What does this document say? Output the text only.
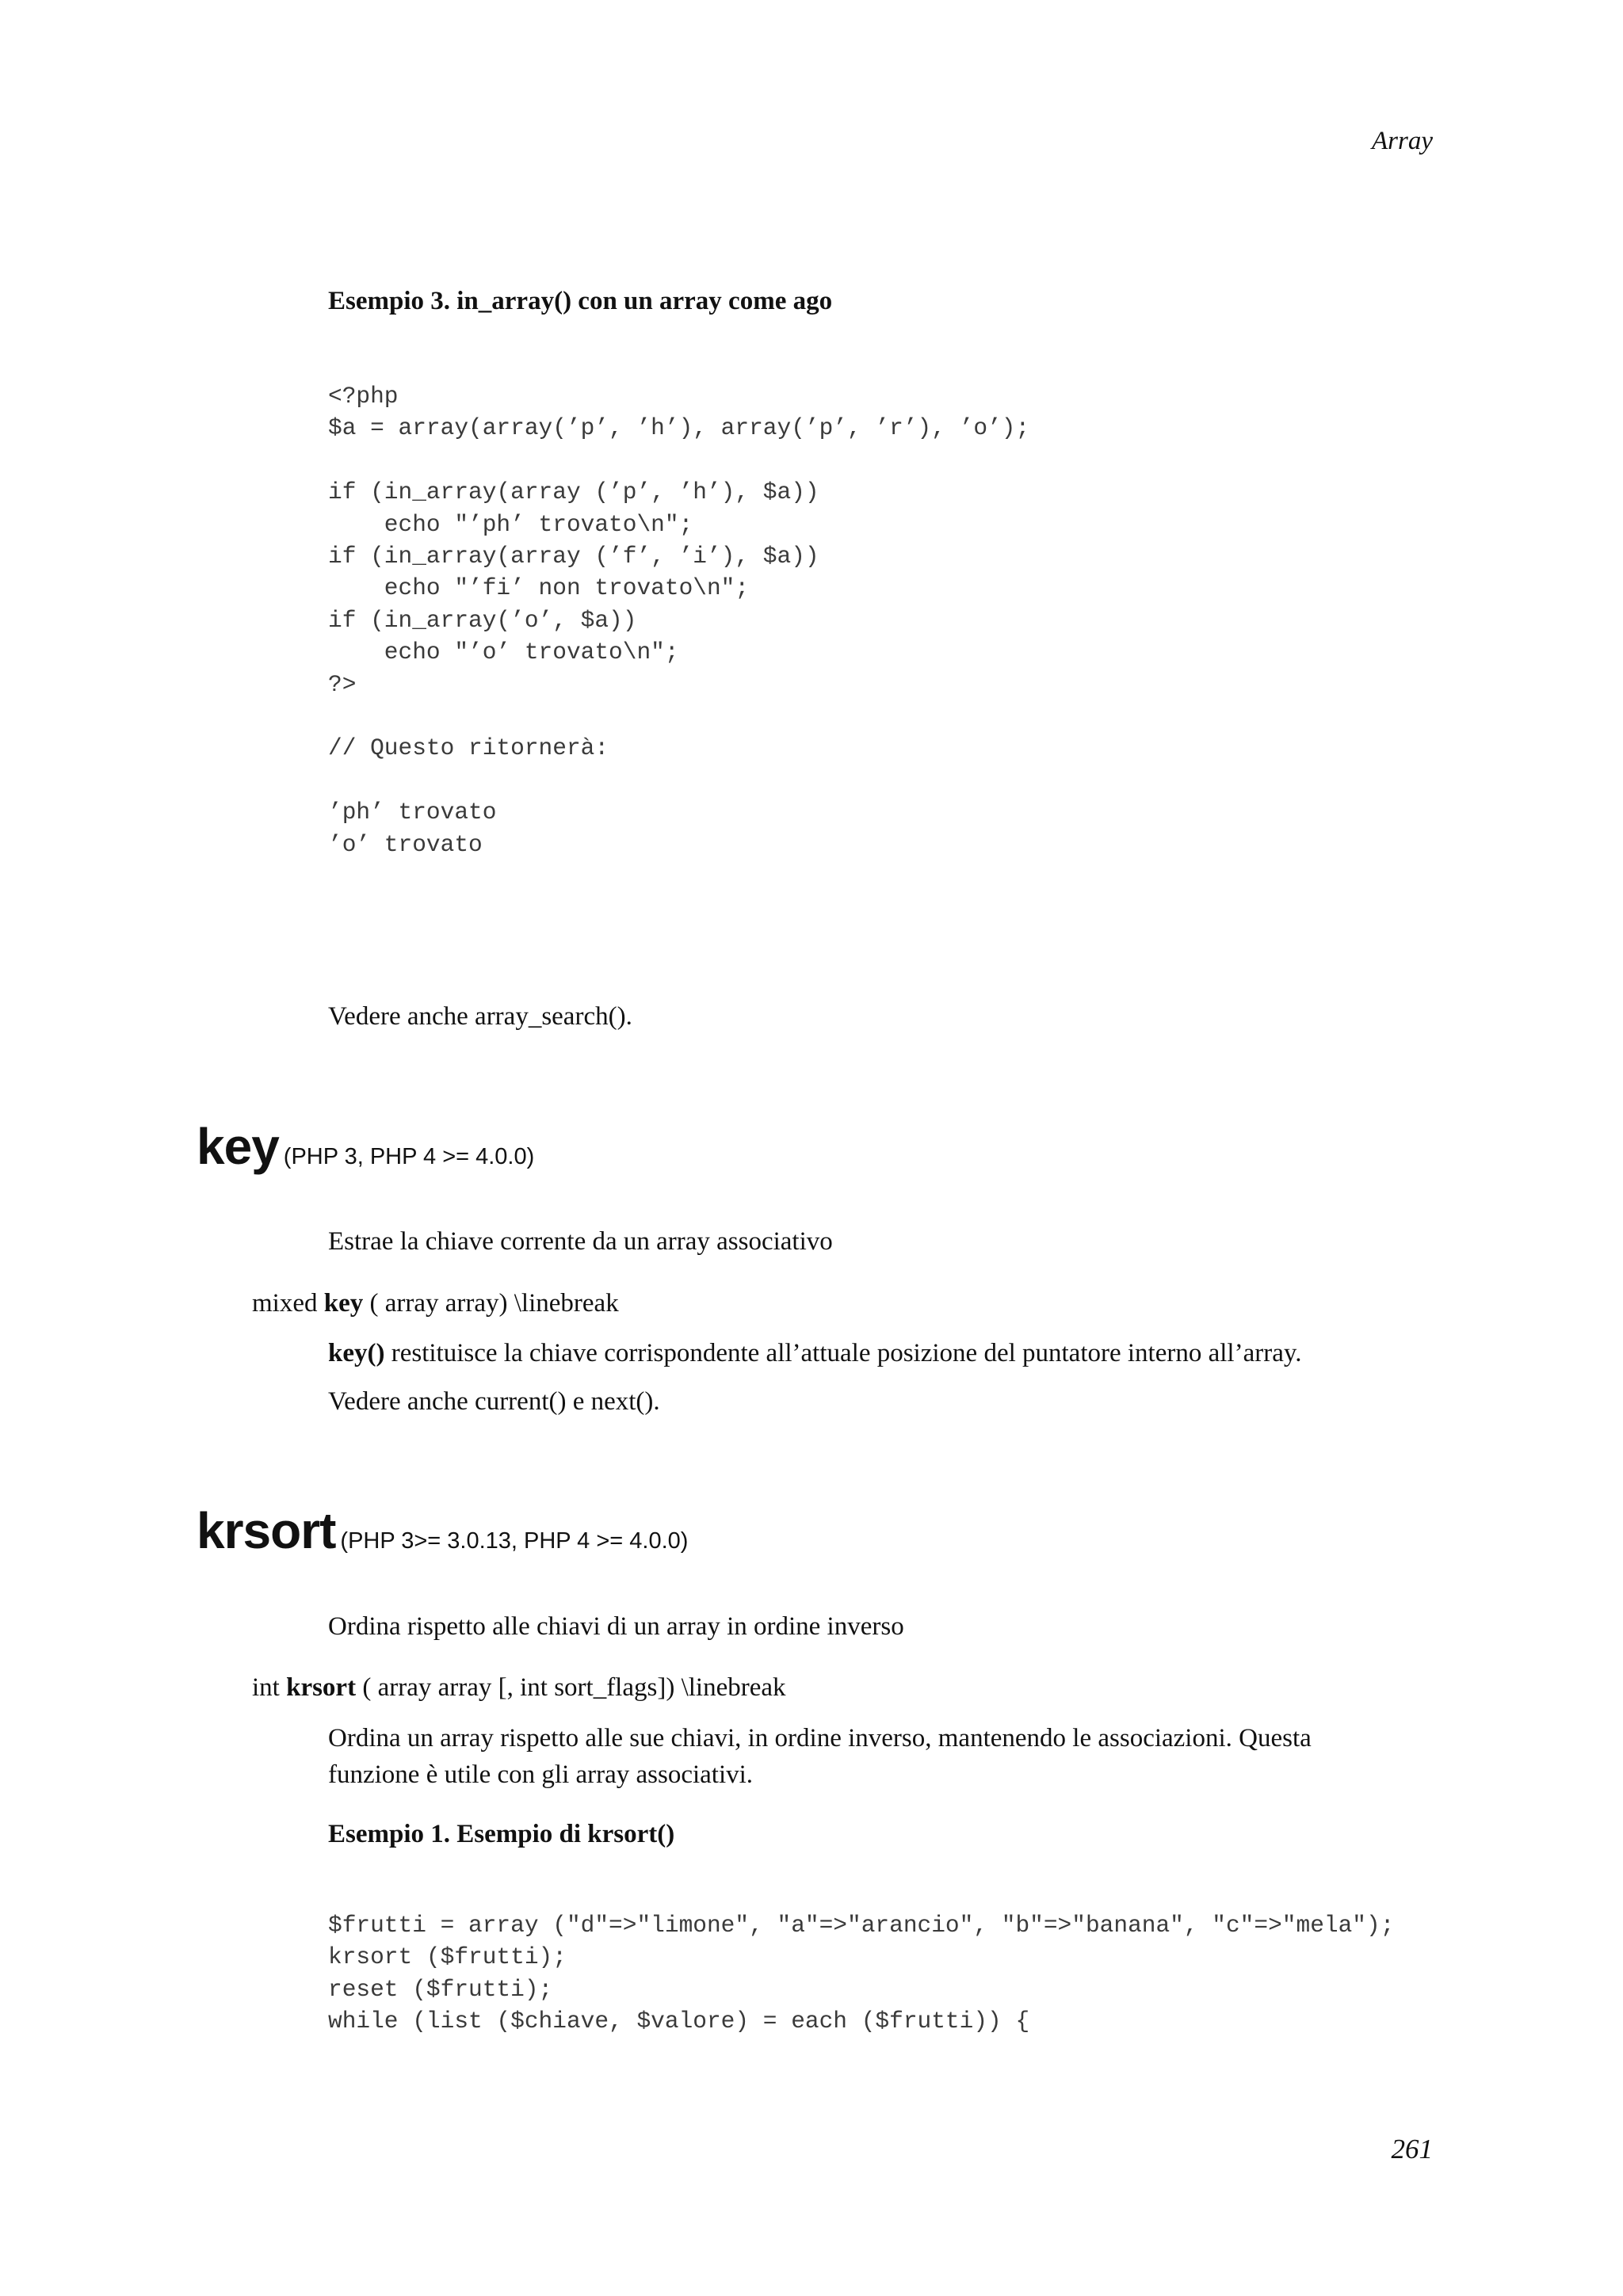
Array
Esempio 3. in_array() con un array come ago
<?php
$a = array(array(’p’, ’h’), array(’p’, ’r’), ’o’);

if (in_array(array (’p’, ’h’), $a))
echo "’ph’ trovato\n";
if (in_array(array (’f’, ’i’), $a))
echo "’fi’ non trovato\n";
if (in_array(’o’, $a))
echo "’o’ trovato\n";
?>

// Questo ritornerà:

’ph’ trovato
’o’ trovato
Vedere anche array_search().
key (PHP 3, PHP 4 >= 4.0.0)
Estrae la chiave corrente da un array associativo
mixed key ( array array) \linebreak
key() restituisce la chiave corrispondente all’attuale posizione del puntatore interno all’array.
Vedere anche current() e next().
krsort (PHP 3>= 3.0.13, PHP 4 >= 4.0.0)
Ordina rispetto alle chiavi di un array in ordine inverso
int krsort ( array array [, int sort_flags]) \linebreak
Ordina un array rispetto alle sue chiavi, in ordine inverso, mantenendo le associazioni. Questa
funzione è utile con gli array associativi.
Esempio 1. Esempio di krsort()
$frutti = array ("d"=>"limone", "a"=>"arancio", "b"=>"banana", "c"=>"mela");
krsort ($frutti);
reset ($frutti);
while (list ($chiave, $valore) = each ($frutti)) {
261
